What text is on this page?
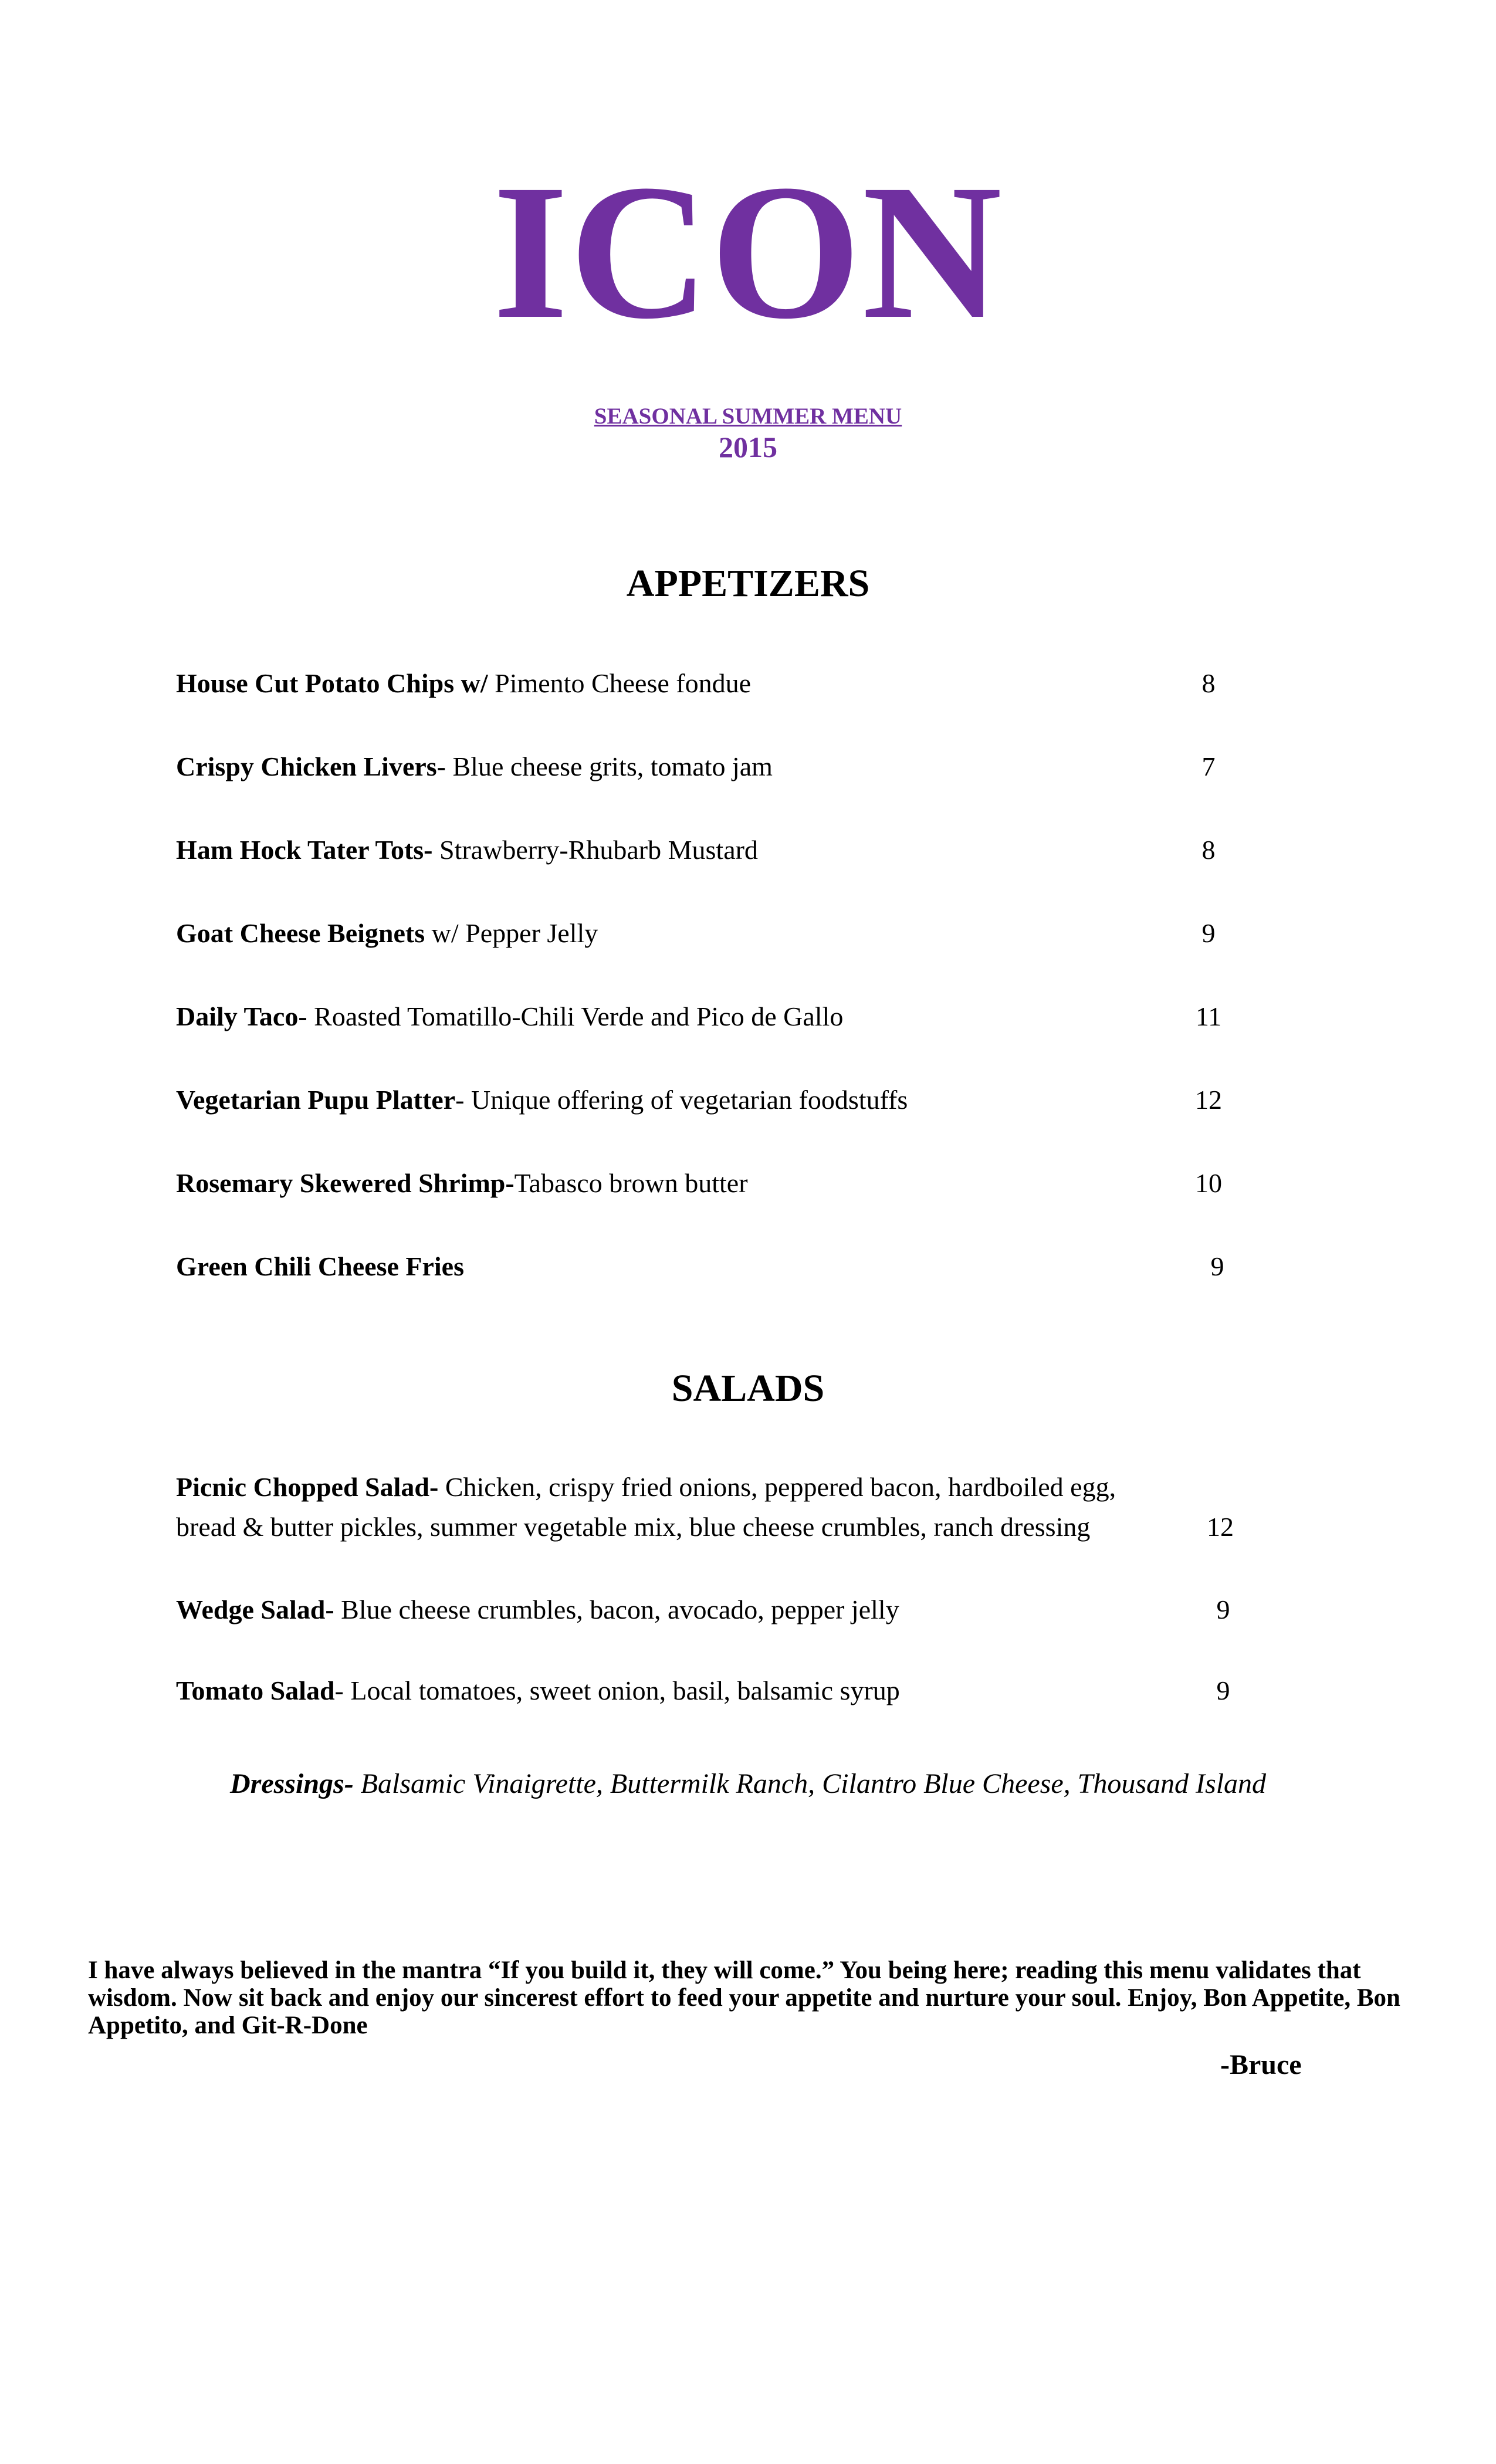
ICON
SEASONAL SUMMER MENU
2015
APPETIZERS
House Cut Potato Chips w/ Pimento Cheese fondue	8
Crispy Chicken Livers- Blue cheese grits, tomato jam	7
Ham Hock Tater Tots- Strawberry-Rhubarb Mustard	8
Goat Cheese Beignets w/ Pepper Jelly	9
Daily Taco- Roasted Tomatillo-Chili Verde and Pico de Gallo	11
Vegetarian Pupu Platter- Unique offering of vegetarian foodstuffs	12
Rosemary Skewered Shrimp-Tabasco brown butter	10
Green Chili Cheese Fries	9
SALADS
Picnic Chopped Salad- Chicken, crispy fried onions, peppered bacon, hardboiled egg,
bread & butter pickles, summer vegetable mix, blue cheese crumbles, ranch dressing	12
Wedge Salad- Blue cheese crumbles, bacon, avocado, pepper jelly	9
Tomato Salad- Local tomatoes, sweet onion, basil, balsamic syrup	9
Dressings- Balsamic Vinaigrette, Buttermilk Ranch, Cilantro Blue Cheese, Thousand Island
I have always believed in the mantra “If you build it, they will come.” You being here; reading this menu validates that wisdom. Now sit back and enjoy our sincerest effort to feed your appetite and nurture your soul. Enjoy, Bon Appetite, Bon Appetito, and Git-R-Done
-Bruce
